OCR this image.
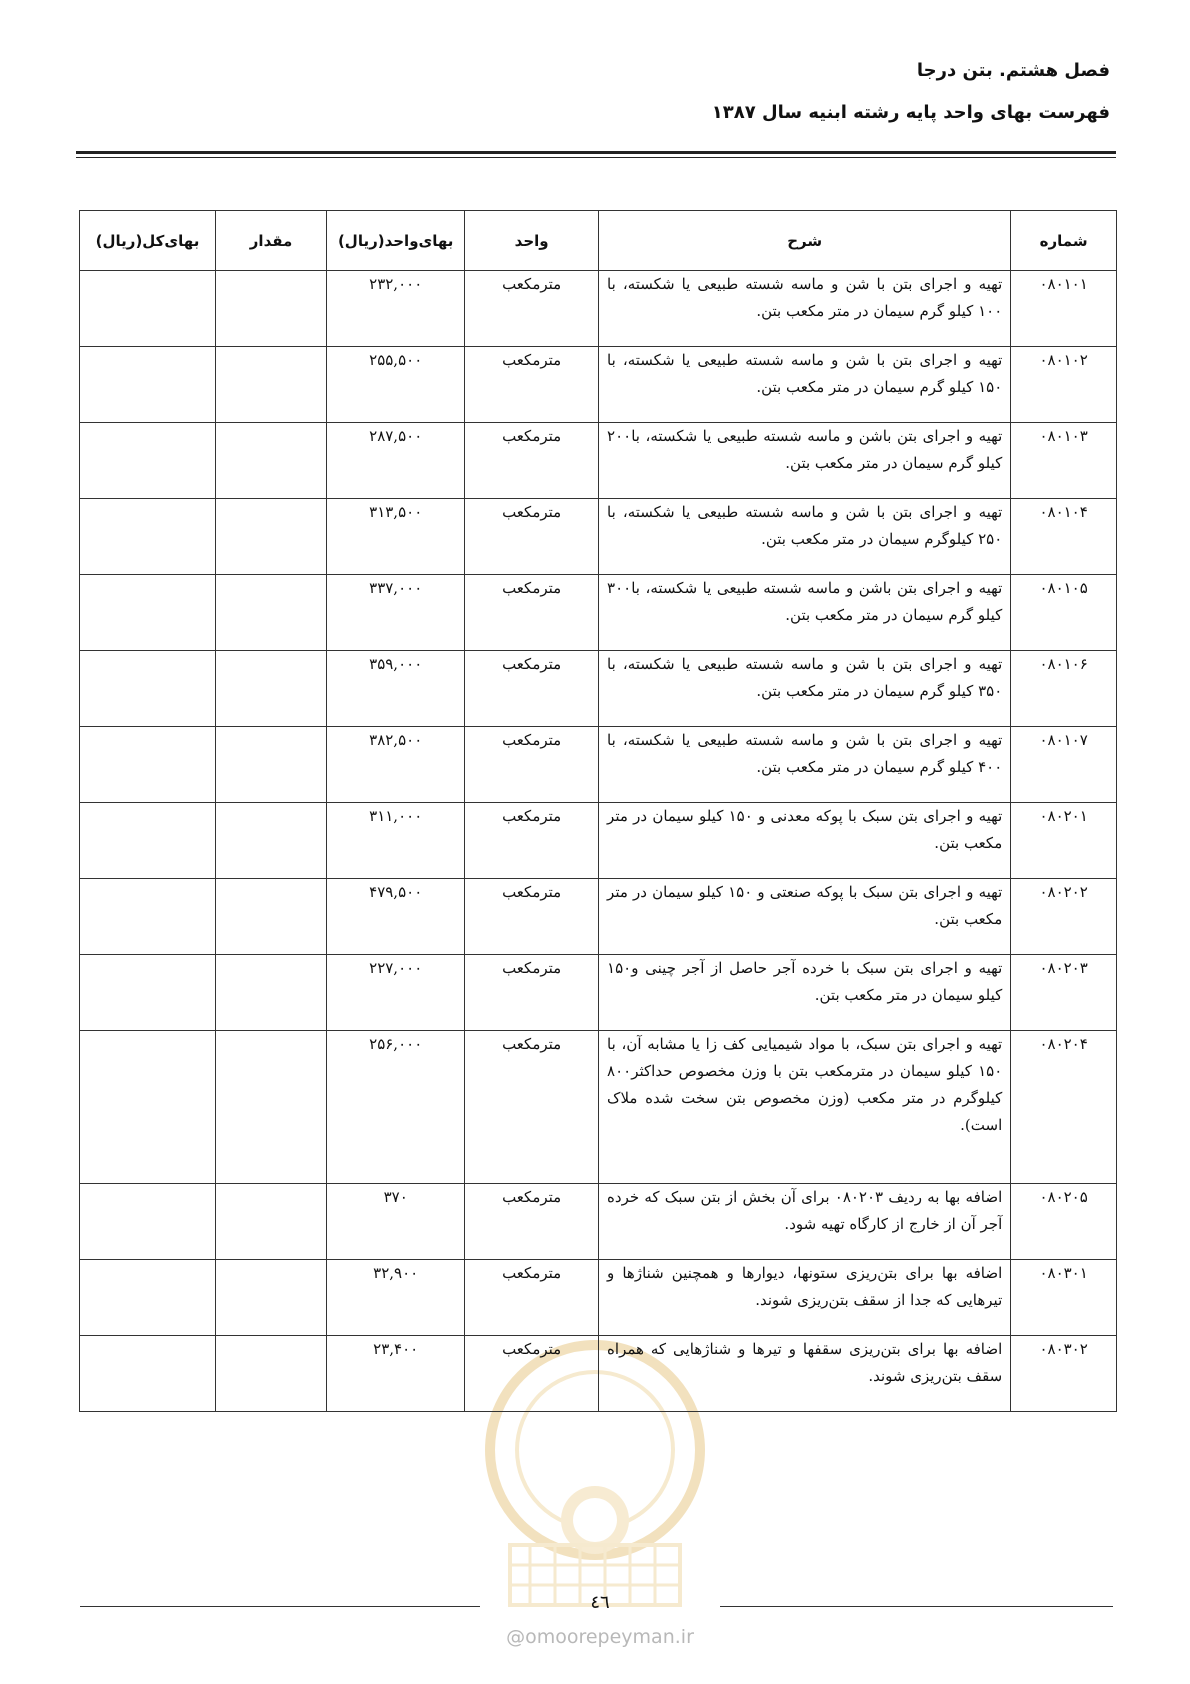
فصل هشتم. بتن درجا
فهرست بهای واحد پایه رشته ابنیه سال ۱۳۸۷
شماره	شرح	واحد	بهای‌واحد(ریال)	مقدار	بهای‌کل(ریال)
۰۸۰۱۰۱	تهیه و اجرای بتن با شن و ماسه شسته طبیعی یا شکسته، با ۱۰۰ کیلو گرم سیمان در متر مکعب بتن.	مترمکعب	۲۳۲,۰۰۰		
۰۸۰۱۰۲	تهیه و اجرای بتن با شن و ماسه شسته طبیعی یا شکسته، با ۱۵۰ کیلو گرم سیمان در متر مکعب بتن.	مترمکعب	۲۵۵,۵۰۰		
۰۸۰۱۰۳	تهیه و اجرای بتن باشن و ماسه شسته طبیعی یا شکسته، با۲۰۰ کیلو گرم سیمان در متر مکعب بتن.	مترمکعب	۲۸۷,۵۰۰		
۰۸۰۱۰۴	تهیه و اجرای بتن با شن و ماسه شسته طبیعی یا شکسته، با ۲۵۰ کیلوگرم سیمان در متر مکعب بتن.	مترمکعب	۳۱۳,۵۰۰		
۰۸۰۱۰۵	تهیه و اجرای بتن باشن و ماسه شسته طبیعی یا شکسته، با۳۰۰ کیلو گرم سیمان در متر مکعب بتن.	مترمکعب	۳۳۷,۰۰۰		
۰۸۰۱۰۶	تهیه و اجرای بتن با شن و ماسه شسته طبیعی یا شکسته، با ۳۵۰ کیلو گرم سیمان در متر مکعب بتن.	مترمکعب	۳۵۹,۰۰۰		
۰۸۰۱۰۷	تهیه و اجرای بتن با شن و ماسه شسته طبیعی یا شکسته، با ۴۰۰ کیلو گرم سیمان در متر مکعب بتن.	مترمکعب	۳۸۲,۵۰۰		
۰۸۰۲۰۱	تهیه و اجرای بتن سبک با پوکه معدنی و ۱۵۰ کیلو سیمان در متر مکعب بتن.	مترمکعب	۳۱۱,۰۰۰		
۰۸۰۲۰۲	تهیه و اجرای بتن سبک با پوکه صنعتی و ۱۵۰ کیلو سیمان در متر مکعب بتن.	مترمکعب	۴۷۹,۵۰۰		
۰۸۰۲۰۳	تهیه و اجرای بتن سبک با خرده آجر حاصل از آجر چینی و۱۵۰ کیلو سیمان در متر مکعب بتن.	مترمکعب	۲۲۷,۰۰۰		
۰۸۰۲۰۴	تهیه و اجرای بتن سبک، با مواد شیمیایی کف زا یا مشابه آن، با ۱۵۰ کیلو سیمان در مترمکعب بتن با وزن مخصوص حداکثر۸۰۰ کیلوگرم در متر مکعب (وزن مخصوص بتن سخت شده ملاک است).	مترمکعب	۲۵۶,۰۰۰		
۰۸۰۲۰۵	اضافه بها به ردیف ۰۸۰۲۰۳ برای آن بخش از بتن سبک که خرده آجر آن از خارج از کارگاه تهیه شود.	مترمکعب	۳۷۰		
۰۸۰۳۰۱	اضافه بها برای بتن‌ریزی ستونها، دیوارها و همچنین شناژها و تیرهایی که جدا از سقف بتن‌ریزی شوند.	مترمکعب	۳۲,۹۰۰		
۰۸۰۳۰۲	اضافه بها برای بتن‌ریزی سقفها و تیرها و شناژهایی که همراه سقف بتن‌ریزی شوند.	مترمکعب	۲۳,۴۰۰		
٤٦
@omoorepeyman.ir
